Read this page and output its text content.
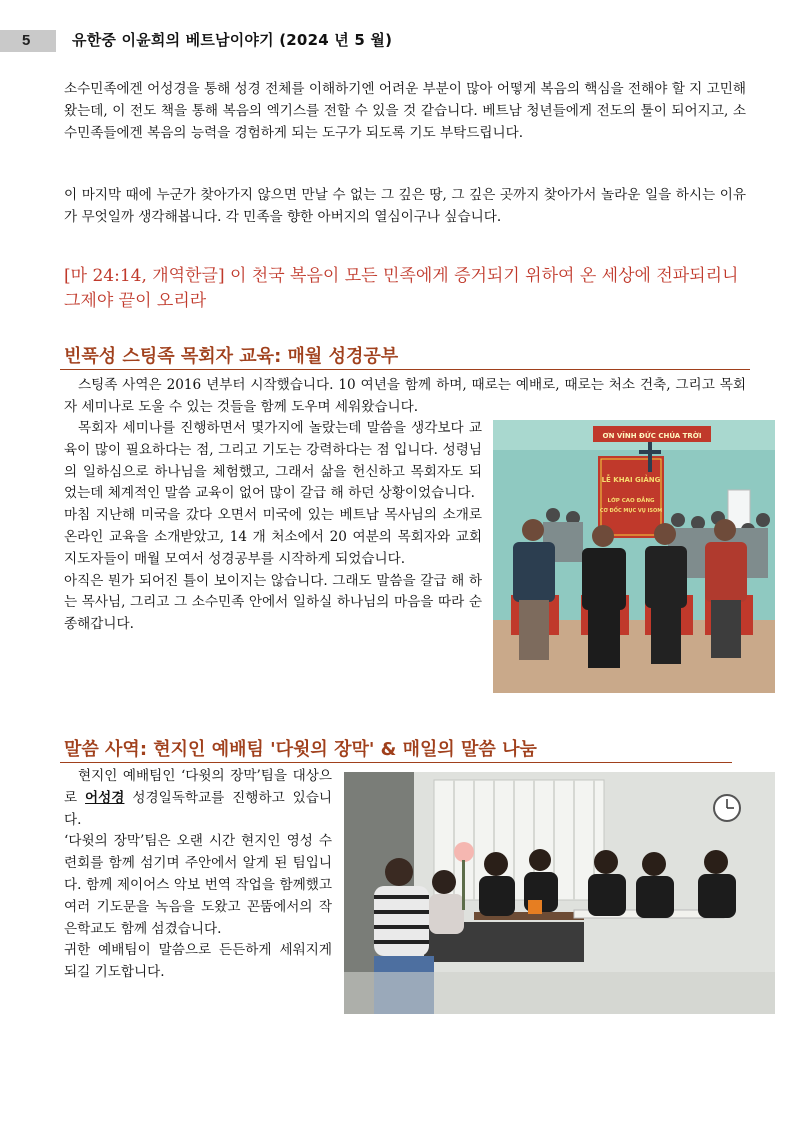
5	유한중 이윤희의 베트남이야기 (2024 년 5 월)

소수민족에겐 어성경을 통해 성경 전체를 이해하기엔 어려운 부분이 많아 어떻게 복음의 핵심을 전해야 할 지 고민해 왔는데, 이 전도 책을 통해 복음의 엑기스를 전할 수 있을 것 같습니다. 베트남 청년들에게 전도의 툴이 되어지고, 소수민족들에겐 복음의 능력을 경험하게 되는 도구가 되도록 기도 부탁드립니다.

이 마지막 때에 누군가 찾아가지 않으면 만날 수 없는 그 깊은 땅, 그 깊은 곳까지 찾아가서 놀라운 일을 하시는 이유가 무엇일까 생각해봅니다. 각 민족을 향한 아버지의 열심이구나 싶습니다.

[마 24:14, 개역한글] 이 천국 복음이 모든 민족에게 증거되기 위하여 온 세상에 전파되리니 그제야 끝이 오리라

빈푹성 스팅족 목회자 교육: 매월 성경공부

스팅족 사역은 2016 년부터 시작했습니다. 10 여년을 함께 하며, 때로는 예배로, 때로는 처소 건축, 그리고 목회자 세미나로 도울 수 있는 것들을 함께 도우며 세워왔습니다.

목회자 세미나를 진행하면서 몇가지에 놀랐는데 말씀을 생각보다 교육이 많이 필요하다는 점, 그리고 기도는 강력하다는 점 입니다. 성령님의 일하심으로 하나님을 체험했고, 그래서 삶을 헌신하고 목회자도 되었는데 체계적인 말씀 교육이 없어 많이 갈급 해 하던 상황이었습니다.

마침 지난해 미국을 갔다 오면서 미국에 있는 베트남 목사님의 소개로 온라인 교육을 소개받았고, 14 개 처소에서 20 여분의 목회자와 교회 지도자들이 매월 모여서 성경공부를 시작하게 되었습니다.

아직은 뭔가 되어진 틀이 보이지는 않습니다. 그래도 말씀을 갈급 해 하는 목사님, 그리고 그 소수민족 안에서 일하실 하나님의 마음을 따라 순종해갑니다.

ƠN VĨNH ĐỨC CHÚA TRỜI
LỄ KHAI GIẢNG
LỚP CAO ĐẲNG
CƠ ĐỐC MỤC VỤ ISOM
말씀 사역: 현지인 예배팀 '다윗의 장막' & 매일의 말씀 나눔

현지인 예배팀인 ‘다윗의 장막’팀을 대상으로 어성경 성경일독학교를 진행하고 있습니다.

‘다윗의 장막’팀은 오랜 시간 현지인 영성 수련회를 함께 섬기며 주안에서 알게 된 팀입니다. 함께 제이어스 악보 번역 작업을 함께했고 여러 기도문을 녹음을 도왔고 꼰뚬에서의 작은학교도 함께 섬겼습니다.

귀한 예배팀이 말씀으로 든든하게 세워지게 되길 기도합니다.
